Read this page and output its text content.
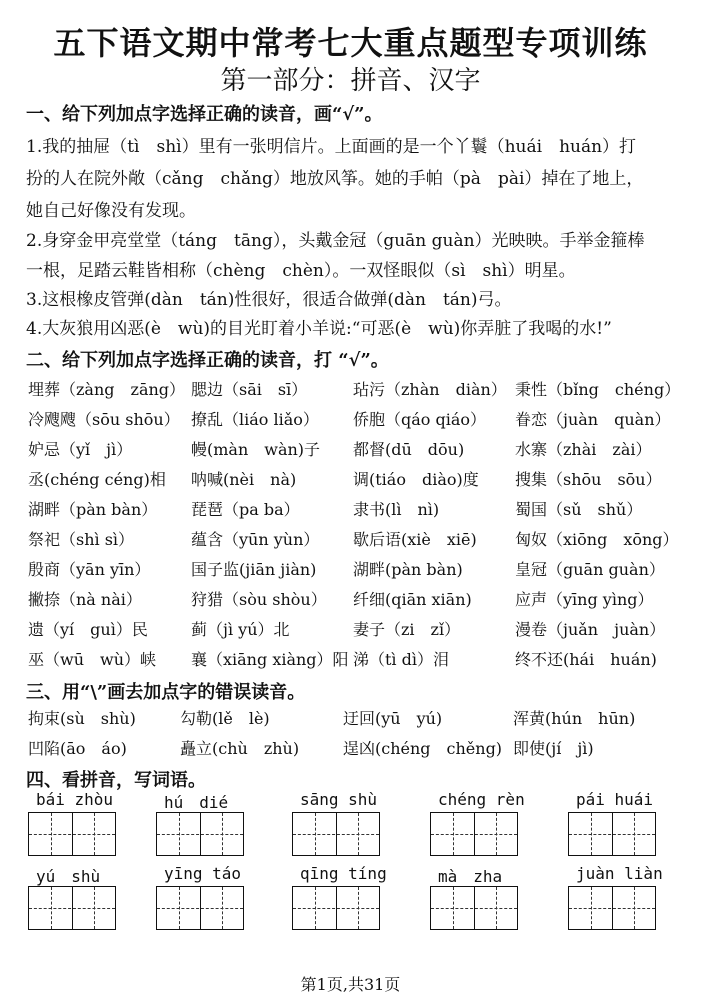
五下语文期中常考七大重点题型专项训练
第一部分：拼音、汉字
一、给下列加点字选择正确的读音，画“√”。
1.我的抽屉（tì　shì）里有一张明信片。上面画的是一个丫鬟（huái　huán）打
扮的人在院外敞（cǎng　chǎng）地放风筝。她的手帕（pà　pài）掉在了地上，
她自己好像没有发现。
2.身穿金甲亮堂堂（táng　tāng），头戴金冠（guān guàn）光映映。手举金箍棒
一根，足踏云鞋皆相称（chèng　chèn）。一双怪眼似（sì　shì）明星。
3.这根橡皮管弹(dàn　tán)性很好，很适合做弹(dàn　tán)弓。
4.大灰狼用凶恶(è　wù)的目光盯着小羊说:“可恶(è　wù)你弄脏了我喝的水!”
二、给下列加点字选择正确的读音，打 “√”。
埋葬（zàng　zāng） 腮边（sāi　sī）	玷污（zhàn　diàn） 秉性（bǐng　chéng）
冷飕飕（sōu shōu） 撩乱（liáo liǎo） 侨胞（qáo qiáo） 眷恋（juàn　quàn）
妒忌（yǐ　jì）	幔(màn　wàn)子 都督(dū　dōu)	水寨（zhài　zài）
丞(chéng céng)相 呐喊(nèi　nà)	调(tiáo　diào)度 搜集（shōu　sōu）
湖畔（pàn bàn） 琵琶（pa ba）	隶书(lì　nì)	蜀国（sǔ　shǔ）
祭祀（shì sì）	蕴含（yūn yùn） 歇后语(xiè　xiē) 匈奴（xiōng　xōng）
殷商（yān yīn）	国子监(jiān jiàn) 湖畔(pàn bàn)	皇冠（guān guàn）
撇捺（nà nài）	狩猎（sòu shòu） 纤细(qiān xiān)	应声（yīng yìng）
遗（yí　guì）民	蓟（jì yú）北	妻子（zi　zǐ）	漫卷（juǎn　juàn）
巫（wū　wù）峡 襄（xiāng xiàng）阳 涕（tì dì）泪	终不还(hái　huán)
三、用“\”画去加点字的错误读音。
拘束(sù　shù)	勾勒(lě　lè)	迂回(yū　yú)	浑黄(hún　hūn)
凹陷(āo　áo)	矗立(chù　zhù)	逞凶(chéng　chěng) 即使(jí　jì)
四、看拼音，写词语。
bái zhòu	hú　dié	sāng shù	chéng rèn	pái huái
yú　shù	yīng táo	qīng tíng	mà　zha	juàn liàn
第1页,共31页
